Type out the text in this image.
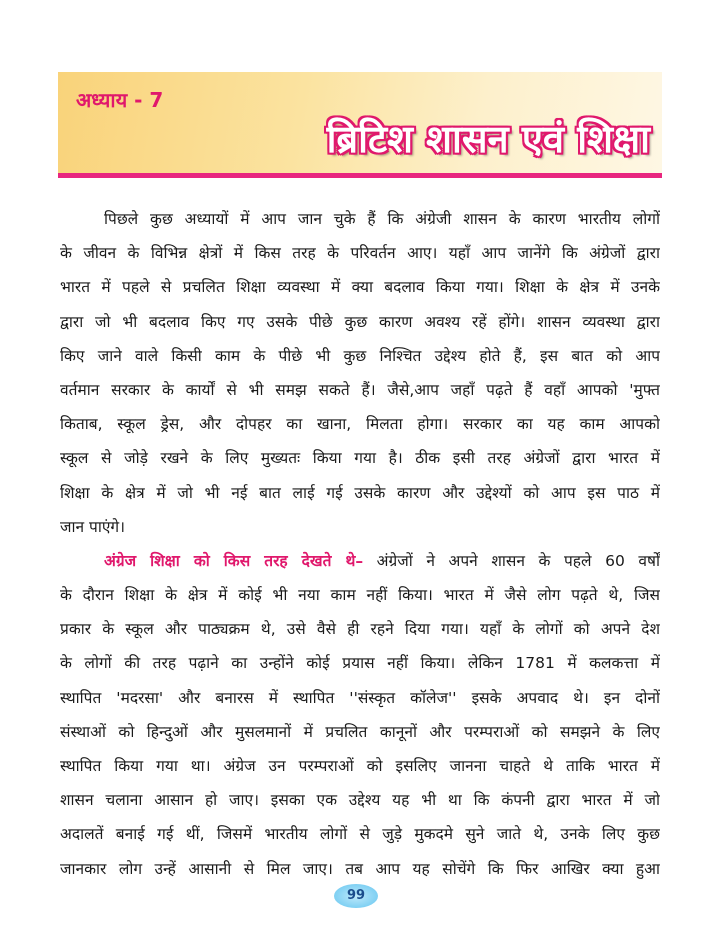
अध्याय - 7
ब्रिटिश शासन एवं शिक्षा
पिछले कुछ अध्यायों में आप जान चुके हैं कि अंग्रेजी शासन के कारण भारतीय लोगों
के जीवन के विभिन्न क्षेत्रों में किस तरह के परिवर्तन आए। यहाँ आप जानेंगे कि अंग्रेजों द्वारा
भारत में पहले से प्रचलित शिक्षा व्यवस्था में क्या बदलाव किया गया। शिक्षा के क्षेत्र में उनके
द्वारा जो भी बदलाव किए गए उसके पीछे कुछ कारण अवश्य रहें होंगे। शासन व्यवस्था द्वारा
किए जाने वाले किसी काम के पीछे भी कुछ निश्चित उद्देश्य होते हैं, इस बात को आप
वर्तमान सरकार के कार्यों से भी समझ सकते हैं। जैसे,आप जहाँ पढ़ते हैं वहाँ आपको 'मुफ्त
किताब, स्कूल ड्रेस, और दोपहर का खाना, मिलता होगा। सरकार का यह काम आपको
स्कूल से जोड़े रखने के लिए मुख्यतः किया गया है। ठीक इसी तरह अंग्रेजों द्वारा भारत में
शिक्षा के क्षेत्र में जो भी नई बात लाई गई उसके कारण और उद्देश्यों को आप इस पाठ में
जान पाएंगे।
अंग्रेज शिक्षा को किस तरह देखते थे– अंग्रेजों ने अपने शासन के पहले 60 वर्षों
के दौरान शिक्षा के क्षेत्र में कोई भी नया काम नहीं किया। भारत में जैसे लोग पढ़ते थे, जिस
प्रकार के स्कूल और पाठ्यक्रम थे, उसे वैसे ही रहने दिया गया। यहाँ के लोगों को अपने देश
के लोगों की तरह पढ़ाने का उन्होंने कोई प्रयास नहीं किया। लेकिन 1781 में कलकत्ता में
स्थापित 'मदरसा' और बनारस में स्थापित ''संस्कृत कॉलेज'' इसके अपवाद थे। इन दोनों
संस्थाओं को हिन्दुओं और मुसलमानों में प्रचलित कानूनों और परम्पराओं को समझने के लिए
स्थापित किया गया था। अंग्रेज उन परम्पराओं को इसलिए जानना चाहते थे ताकि भारत में
शासन चलाना आसान हो जाए। इसका एक उद्देश्य यह भी था कि कंपनी द्वारा भारत में जो
अदालतें बनाई गई थीं, जिसमें भारतीय लोगों से जुड़े मुकदमे सुने जाते थे, उनके लिए कुछ
जानकार लोग उन्हें आसानी से मिल जाए। तब आप यह सोचेंगे कि फिर आखिर क्या हुआ
99
